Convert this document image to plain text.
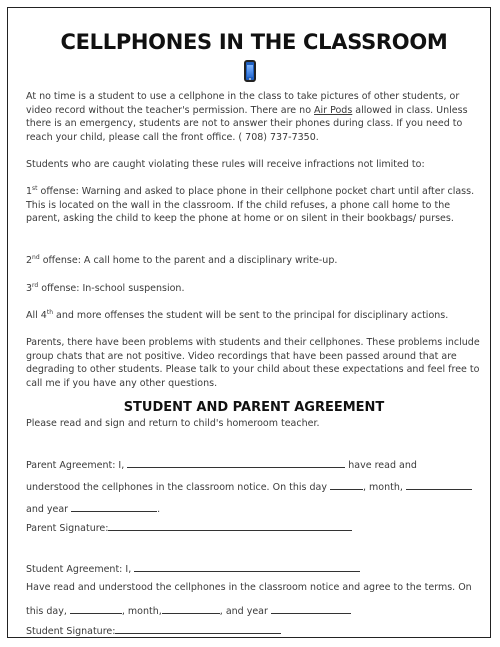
CELLPHONES IN THE CLASSROOM

At no time is a student to use a cellphone in the class to take pictures of other students, or video record without the teacher's permission. There are no Air Pods allowed in class. Unless there is an emergency, students are not to answer their phones during class. If you need to reach your child, please call the front office. ( 708) 737-7350.

Students who are caught violating these rules will receive infractions not limited to:

1st offense: Warning and asked to place phone in their cellphone pocket chart until after class. This is located on the wall in the classroom. If the child refuses, a phone call home to the parent, asking the child to keep the phone at home or on silent in their bookbags/ purses.

2nd offense: A call home to the parent and a disciplinary write-up.

3rd offense: In-school suspension.

All 4th and more offenses the student will be sent to the principal for disciplinary actions.

Parents, there have been problems with students and their cellphones. These problems include group chats that are not positive. Video recordings that have been passed around that are degrading to other students. Please talk to your child about these expectations and feel free to call me if you have any other questions.

STUDENT AND PARENT AGREEMENT

Please read and sign and return to child's homeroom teacher.

Parent Agreement: I,	have read and
understood the cellphones in the classroom notice. On this day	, month,
and year	.
Parent Signature:
Student Agreement: I,
Have read and understood the cellphones in the classroom notice and agree to the terms. On
this day,	, month,	, and year
Student Signature:
